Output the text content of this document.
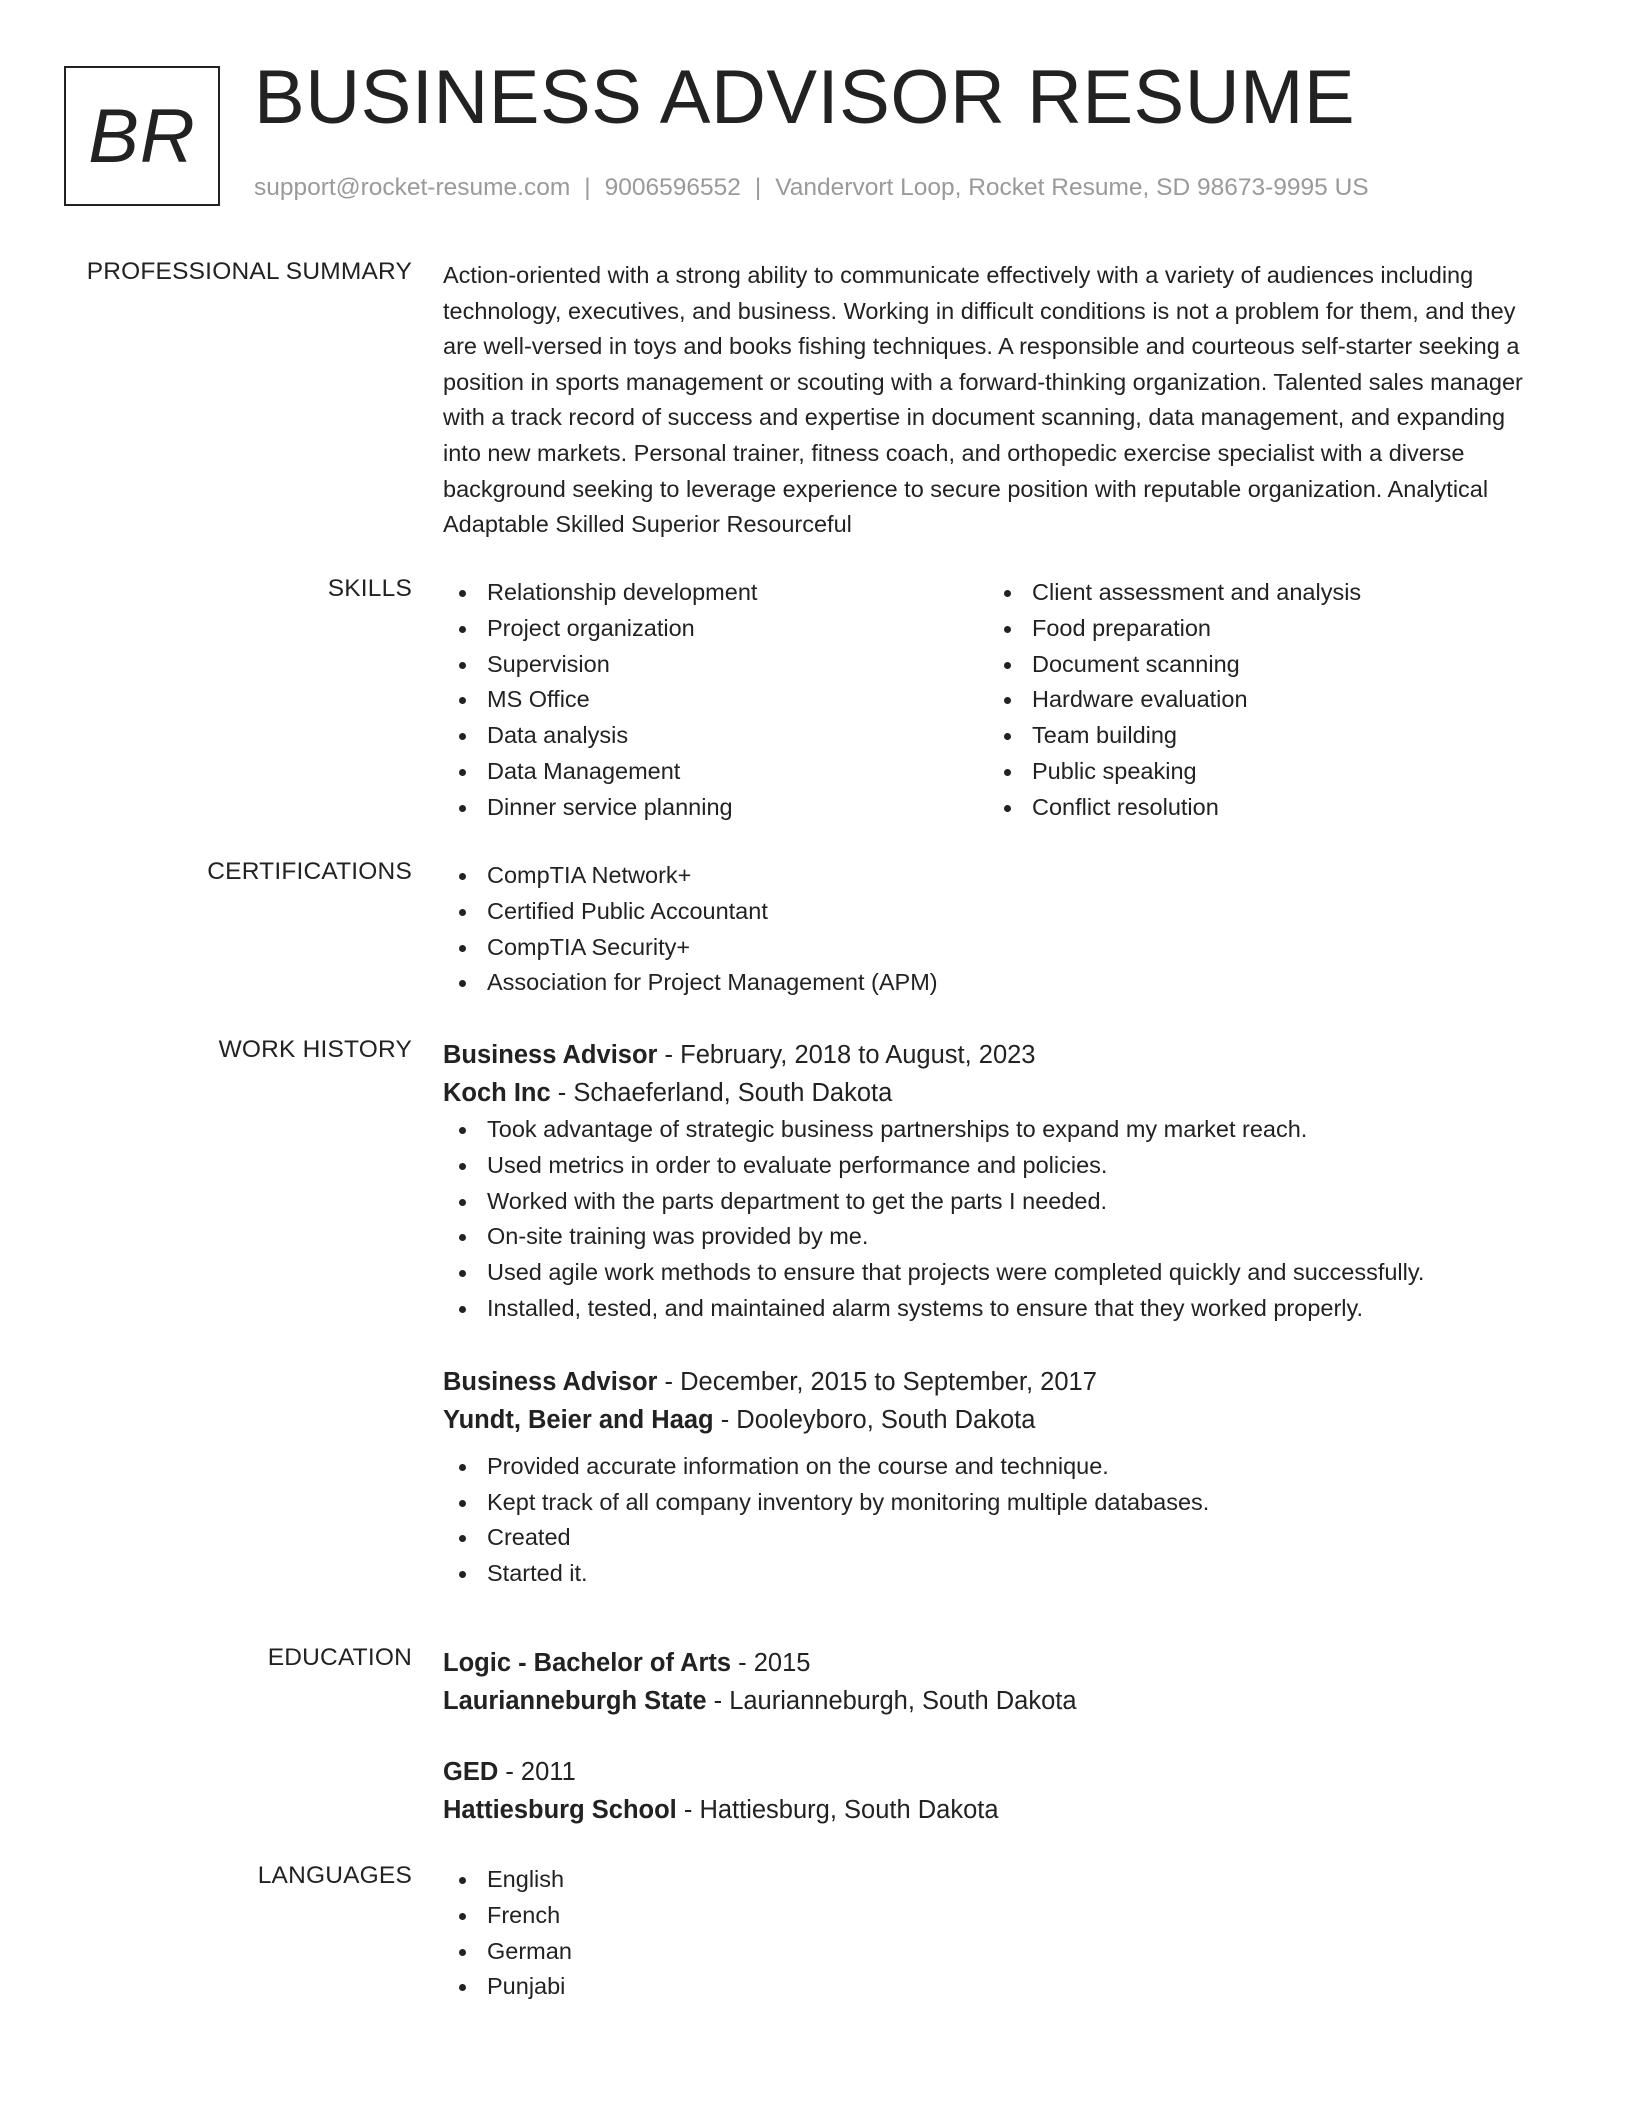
BR BUSINESS ADVISOR RESUME
support@rocket-resume.com | 9006596552 | Vandervort Loop, Rocket Resume, SD 98673-9995 US
PROFESSIONAL SUMMARY Action-oriented with a strong ability to communicate effectively with a variety of audiences including technology, executives, and business. Working in difficult conditions is not a problem for them, and they are well-versed in toys and books fishing techniques. A responsible and courteous self-starter seeking a position in sports management or scouting with a forward-thinking organization. Talented sales manager with a track record of success and expertise in document scanning, data management, and expanding into new markets. Personal trainer, fitness coach, and orthopedic exercise specialist with a diverse background seeking to leverage experience to secure position with reputable organization. Analytical Adaptable Skilled Superior Resourceful

SKILLS	Relationship development
Project organization
Supervision
MS Office
Data analysis
Data Management
Dinner service planning
Client assessment and analysis
Food preparation
Document scanning
Hardware evaluation
Team building
Public speaking
Conflict resolution
CERTIFICATIONS	CompTIA Network+
Certified Public Accountant
CompTIA Security+
Association for Project Management (APM)
WORK HISTORY Business Advisor - February, 2018 to August, 2023
Koch Inc - Schaeferland, South Dakota
Took advantage of strategic business partnerships to expand my market reach.
Used metrics in order to evaluate performance and policies.
Worked with the parts department to get the parts I needed.
On-site training was provided by me.
Used agile work methods to ensure that projects were completed quickly and successfully.
Installed, tested, and maintained alarm systems to ensure that they worked properly.
Business Advisor - December, 2015 to September, 2017
Yundt, Beier and Haag - Dooleyboro, South Dakota
Provided accurate information on the course and technique.
Kept track of all company inventory by monitoring multiple databases.
Created
Started it.
EDUCATION Logic - Bachelor of Arts - 2015
Laurianneburgh State - Laurianneburgh, South Dakota
GED - 2011
Hattiesburg School - Hattiesburg, South Dakota
LANGUAGES	English
French
German
Punjabi
